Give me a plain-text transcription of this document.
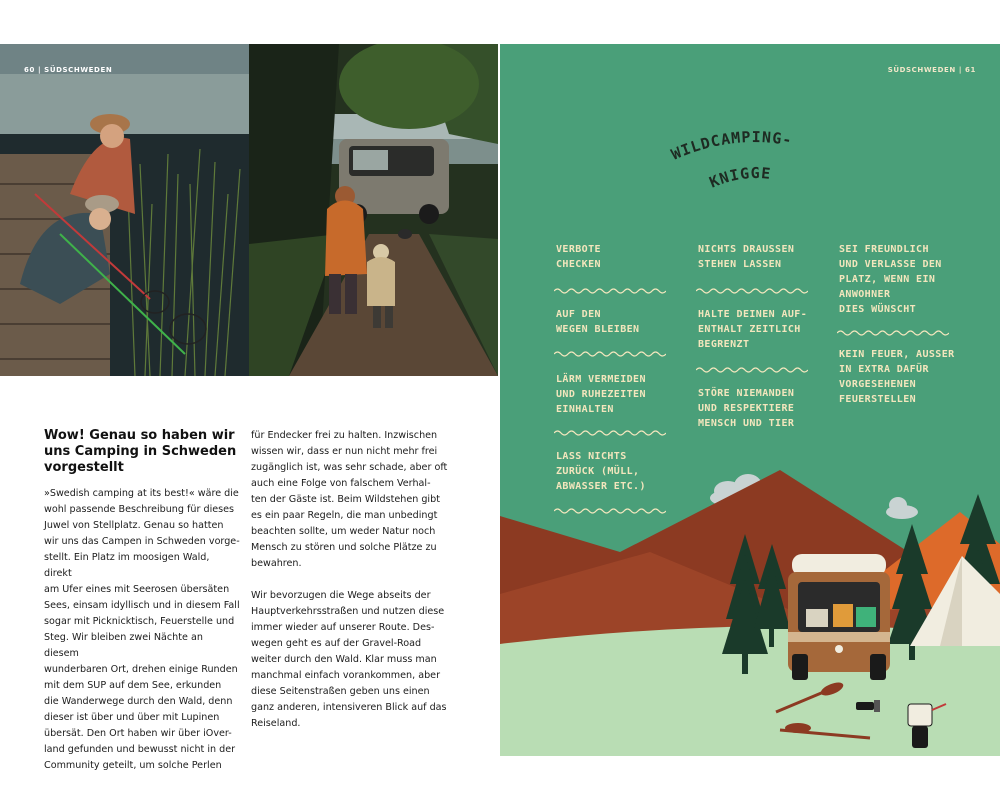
60 | SÜDSCHWEDEN
Wow! Genau so haben wir uns Camping in Schweden vorgestellt

»Swedish camping at its best!« wäre die
wohl passende Beschreibung für dieses
Juwel von Stellplatz. Genau so hatten
wir uns das Campen in Schweden vorge-
stellt. Ein Platz im moosigen Wald, direkt
am Ufer eines mit Seerosen übersäten
Sees, einsam idyllisch und in diesem Fall
sogar mit Picknicktisch, Feuerstelle und
Steg. Wir bleiben zwei Nächte an diesem
wunderbaren Ort, drehen einige Runden
mit dem SUP auf dem See, erkunden
die Wanderwege durch den Wald, denn
dieser ist über und über mit Lupinen
übersät. Den Ort haben wir über iOver-
land gefunden und bewusst nicht in der
Community geteilt, um solche Perlen

für Endecker frei zu halten. Inzwischen
wissen wir, dass er nun nicht mehr frei
zugänglich ist, was sehr schade, aber oft
auch eine Folge von falschem Verhal-
ten der Gäste ist. Beim Wildstehen gibt
es ein paar Regeln, die man unbedingt
beachten sollte, um weder Natur noch
Mensch zu stören und solche Plätze zu
bewahren.

Wir bevorzugen die Wege abseits der
Hauptverkehrsstraßen und nutzen diese
immer wieder auf unserer Route. Des-
wegen geht es auf der Gravel-Road
weiter durch den Wald. Klar muss man
manchmal einfach vorankommen, aber
diese Seitenstraßen geben uns einen
ganz anderen, intensiveren Blick auf das
Reiseland.

SÜDSCHWEDEN | 61
WILDCAMPING-
KNIGGE
VERBOTE
CHECKEN
AUF DEN
WEGEN BLEIBEN
LÄRM VERMEIDEN
UND RUHEZEITEN
EINHALTEN
LASS NICHTS
ZURÜCK (MÜLL,
ABWASSER ETC.)
NICHTS DRAUSSEN
STEHEN LASSEN
HALTE DEINEN AUF-
ENTHALT ZEITLICH
BEGRENZT
STÖRE NIEMANDEN
UND RESPEKTIERE
MENSCH UND TIER
SEI FREUNDLICH
UND VERLASSE DEN
PLATZ, WENN EIN
ANWOHNER
DIES WÜNSCHT
KEIN FEUER, AUSSER
IN EXTRA DAFÜR
VORGESEHENEN
FEUERSTELLEN
